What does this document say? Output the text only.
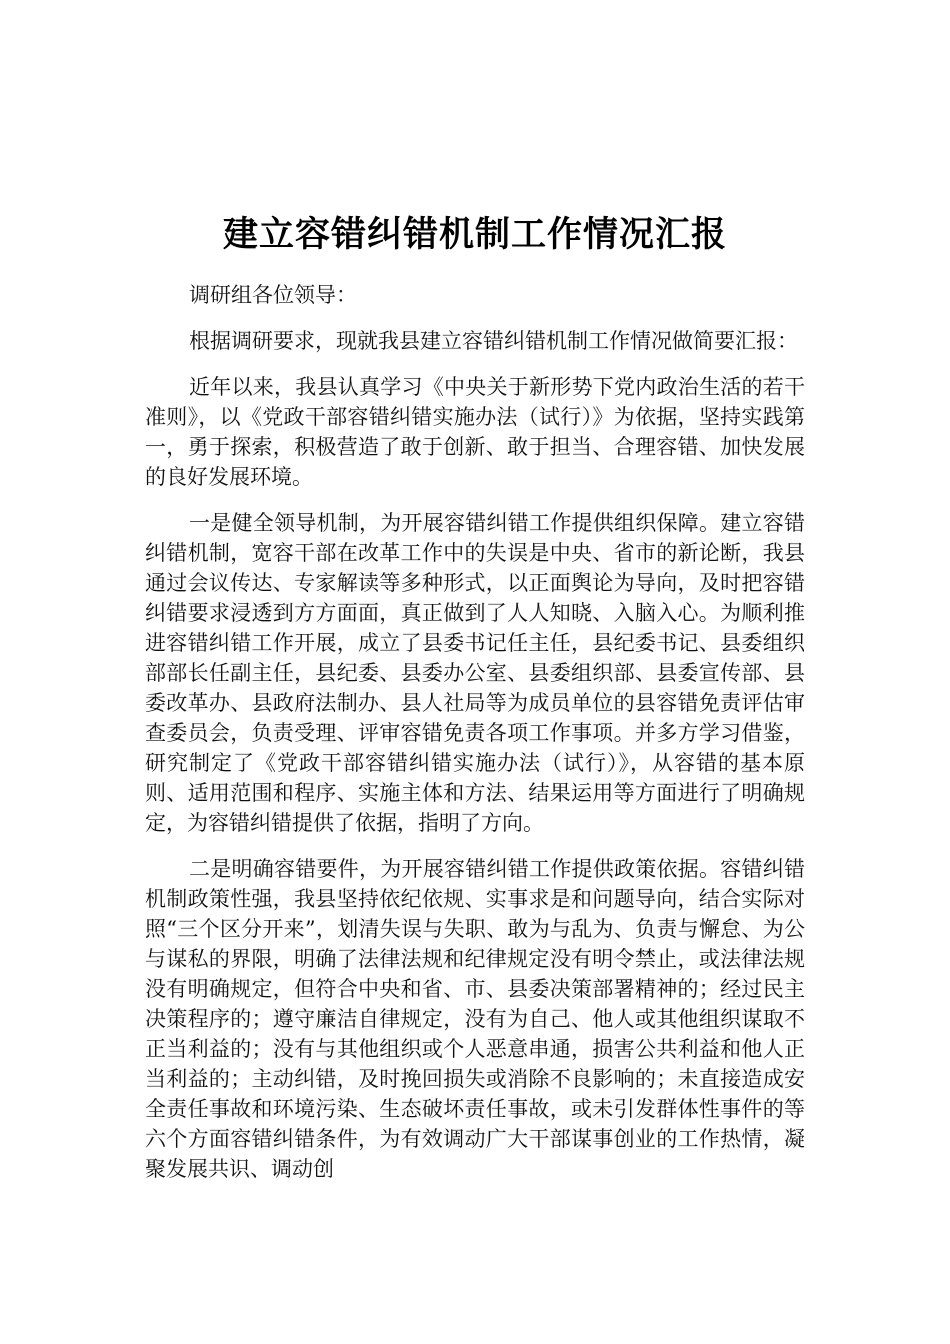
建立容错纠错机制工作情况汇报

调研组各位领导：

根据调研要求，现就我县建立容错纠错机制工作情况做简要汇报：

近年以来，我县认真学习《中央关于新形势下党内政治生活的若干准则》，以《党政干部容错纠错实施办法（试行）》为依据，坚持实践第一，勇于探索，积极营造了敢于创新、敢于担当、合理容错、加快发展的良好发展环境。

一是健全领导机制，为开展容错纠错工作提供组织保障。建立容错纠错机制，宽容干部在改革工作中的失误是中央、省市的新论断，我县通过会议传达、专家解读等多种形式，以正面舆论为导向，及时把容错纠错要求浸透到方方面面，真正做到了人人知晓、入脑入心。为顺利推进容错纠错工作开展，成立了县委书记任主任，县纪委书记、县委组织部部长任副主任，县纪委、县委办公室、县委组织部、县委宣传部、县委改革办、县政府法制办、县人社局等为成员单位的县容错免责评估审查委员会，负责受理、评审容错免责各项工作事项。并多方学习借鉴，研究制定了《党政干部容错纠错实施办法（试行）》，从容错的基本原则、适用范围和程序、实施主体和方法、结果运用等方面进行了明确规定，为容错纠错提供了依据，指明了方向。

二是明确容错要件，为开展容错纠错工作提供政策依据。容错纠错机制政策性强，我县坚持依纪依规、实事求是和问题导向，结合实际对照“三个区分开来”，划清失误与失职、敢为与乱为、负责与懈怠、为公与谋私的界限，明确了法律法规和纪律规定没有明令禁止，或法律法规没有明确规定，但符合中央和省、市、县委决策部署精神的；经过民主决策程序的；遵守廉洁自律规定，没有为自己、他人或其他组织谋取不正当利益的；没有与其他组织或个人恶意串通，损害公共利益和他人正当利益的；主动纠错，及时挽回损失或消除不良影响的；未直接造成安全责任事故和环境污染、生态破坏责任事故，或未引发群体性事件的等六个方面容错纠错条件，为有效调动广大干部谋事创业的工作热情，凝聚发展共识、调动创
